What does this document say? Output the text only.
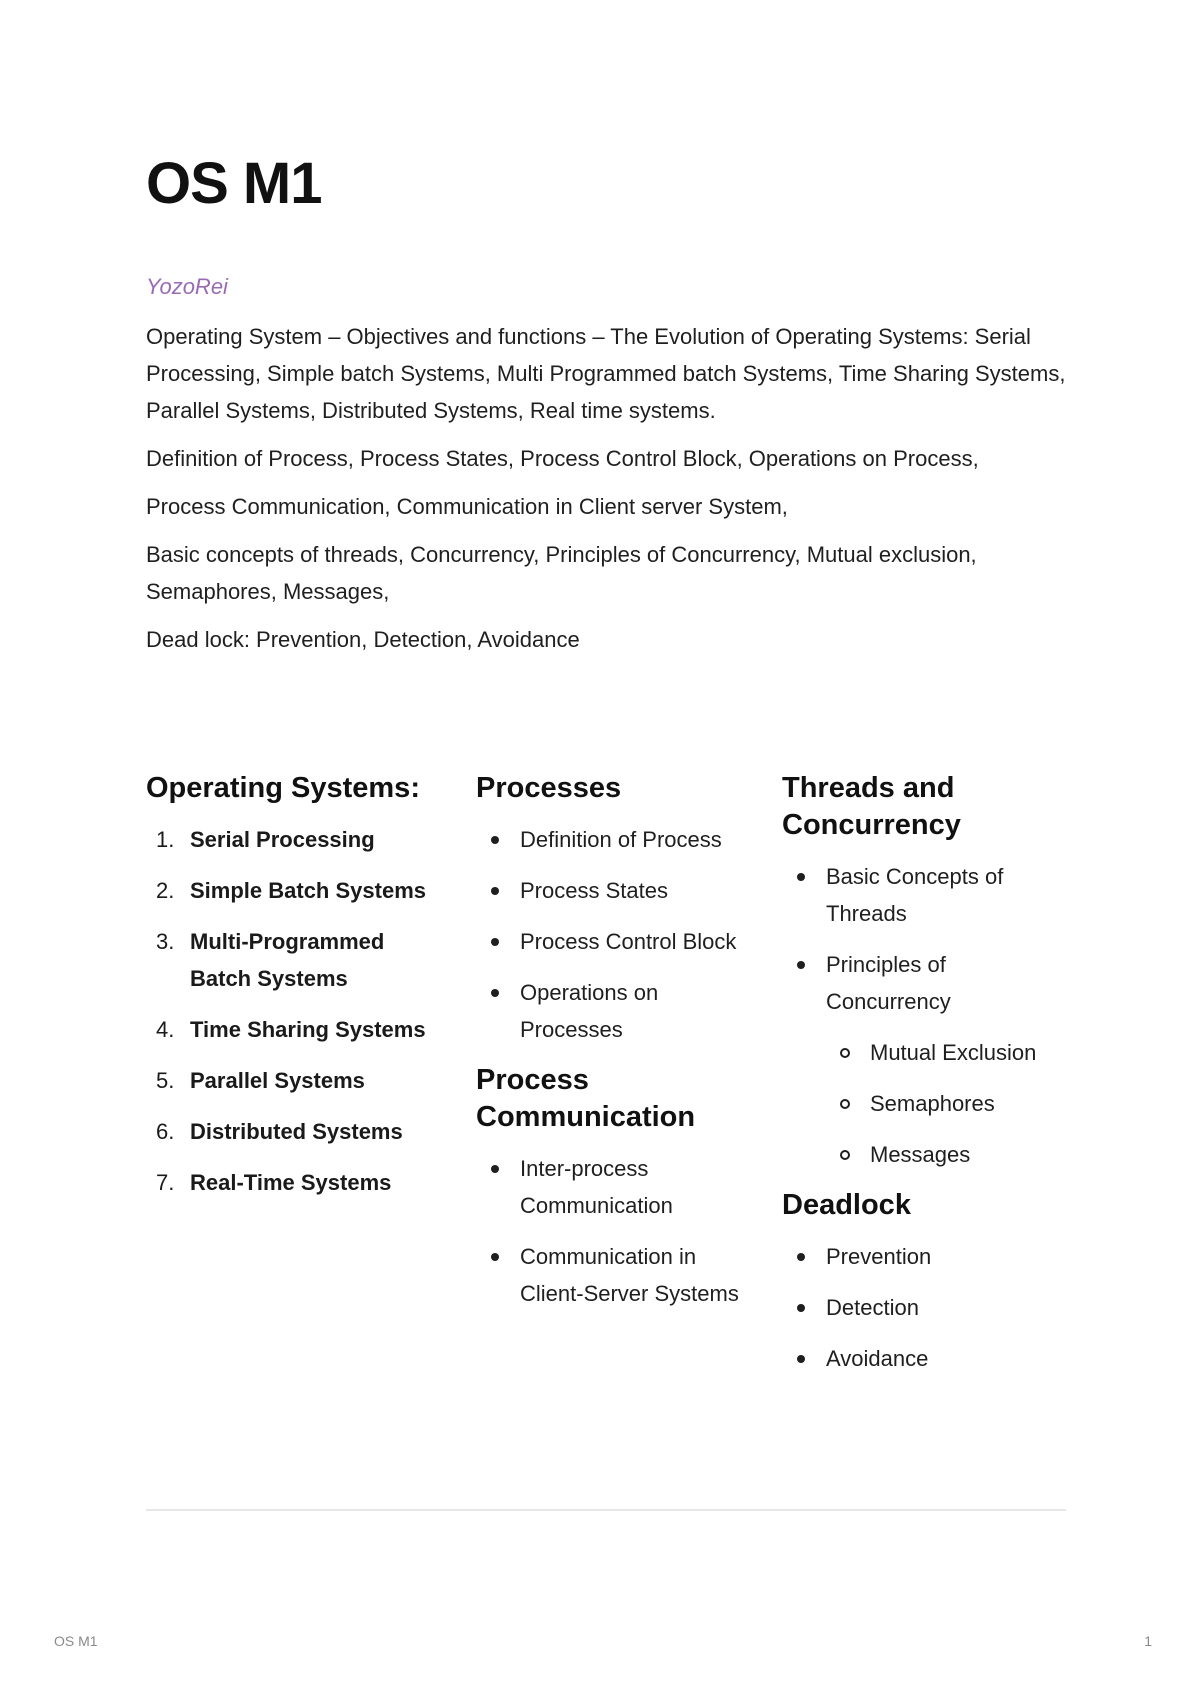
OS M1
YozoRei

Operating System – Objectives and functions – The Evolution of Operating Systems: Serial Processing, Simple batch Systems, Multi Programmed batch Systems, Time Sharing Systems, Parallel Systems, Distributed Systems, Real time systems.

Definition of Process, Process States, Process Control Block, Operations on Process,

Process Communication, Communication in Client server System,

Basic concepts of threads, Concurrency, Principles of Concurrency, Mutual exclusion, Semaphores, Messages,

Dead lock: Prevention, Detection, Avoidance

Operating Systems:
1. Serial Processing
2. Simple Batch Systems
3. Multi-Programmed Batch Systems
4. Time Sharing Systems
5. Parallel Systems
6. Distributed Systems
7. Real-Time Systems
Processes
Definition of Process
Process States
Process Control Block
Operations on Processes
Process Communication
Inter-process Communication
Communication in Client-Server Systems
Threads and Concurrency
Basic Concepts of Threads
Principles of Concurrency
Mutual Exclusion
Semaphores
Messages
Deadlock
Prevention
Detection
Avoidance
OS M1	1
